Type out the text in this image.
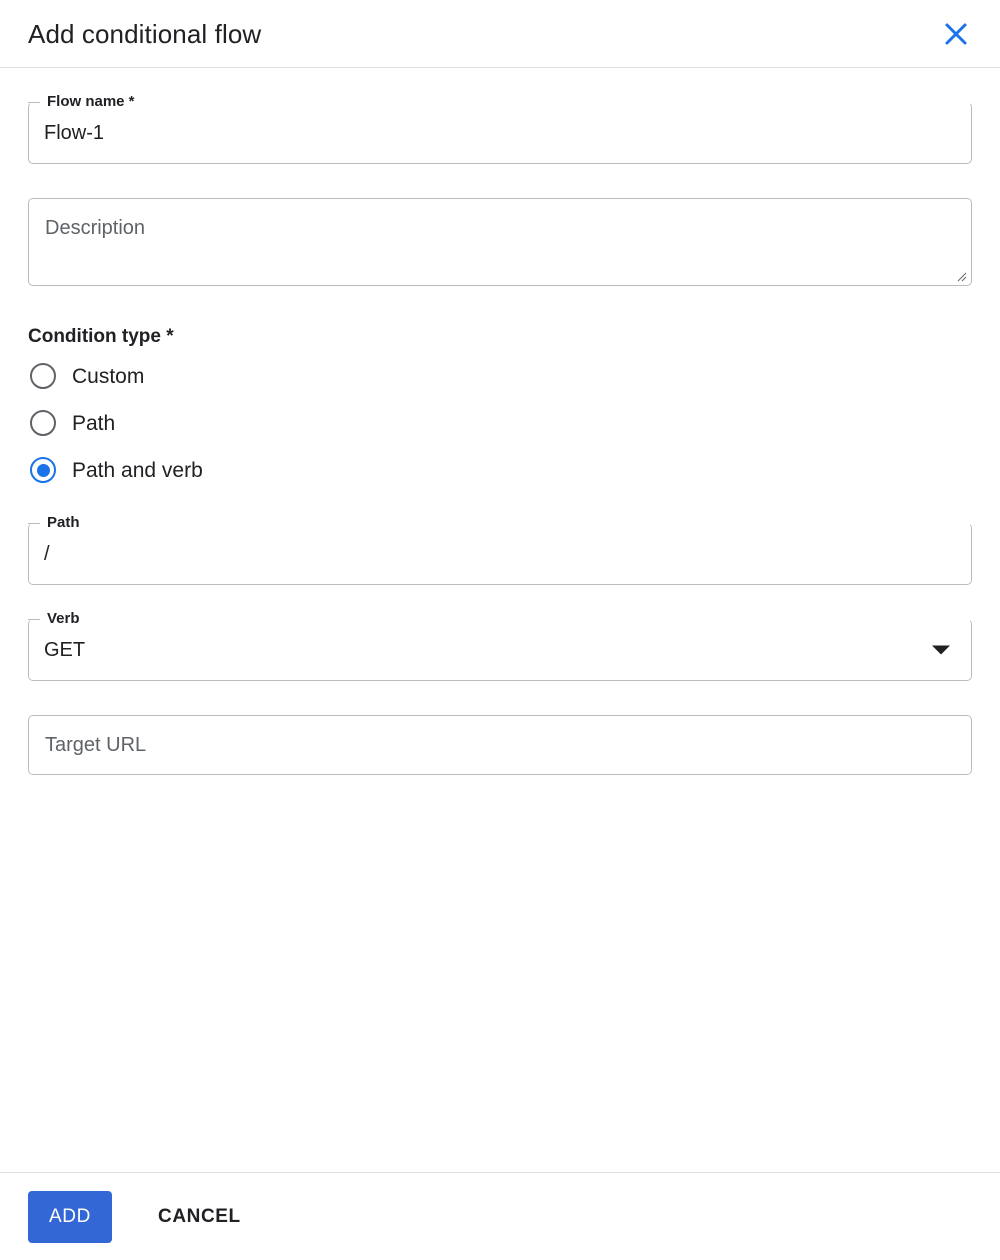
Add conditional flow
Flow name *
Flow-1
Description
Condition type *
Custom
Path
Path and verb
Path
/
Verb
GET
Target URL
ADD	CANCEL
